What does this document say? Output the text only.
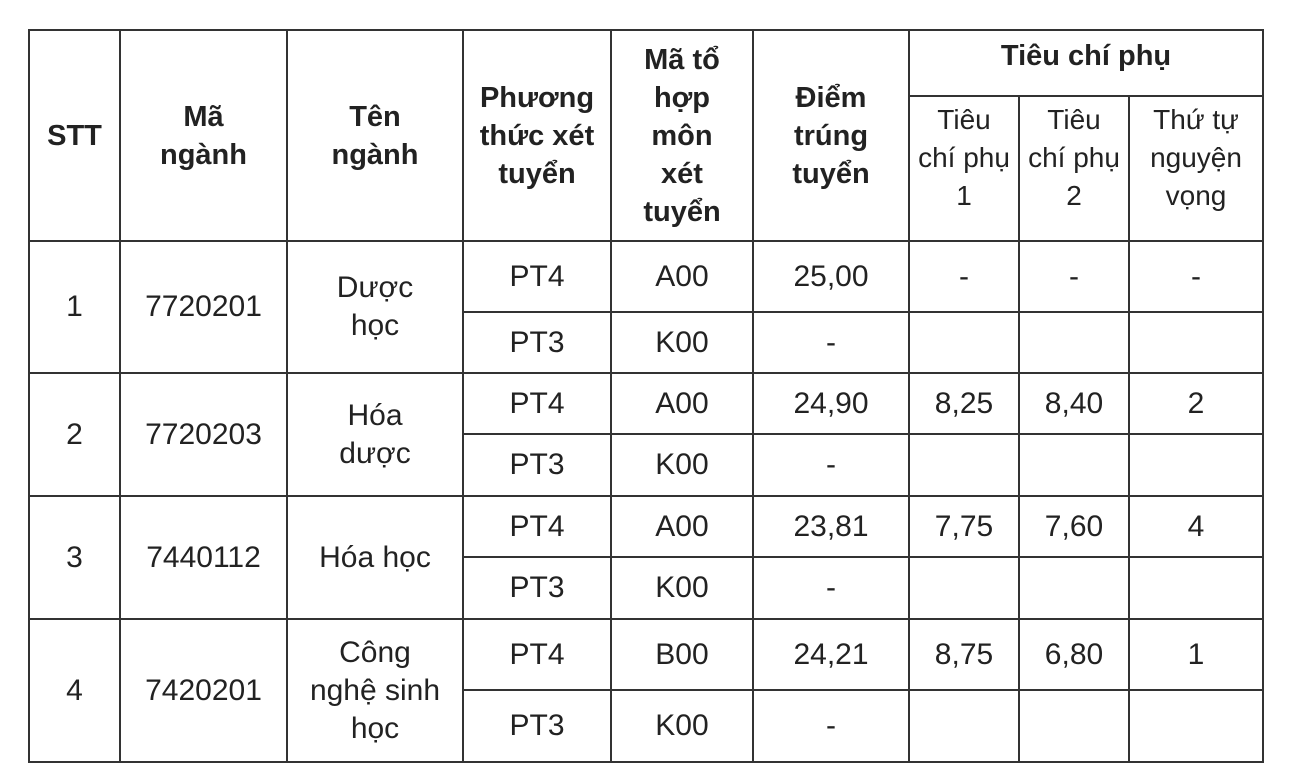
STT	Mã ngành	Tên ngành	Phương thức xét tuyển	Mã tổ hợp môn xét tuyển	Điểm trúng tuyển	Tiêu chí phụ		
						Tiêu chí phụ 1	Tiêu chí phụ 2	Thứ tự nguyện vọng
1	7720201	Dược học	PT4	A00	25,00	-	-	-
			PT3	K00	-			
2	7720203	Hóa dược	PT4	A00	24,90	8,25	8,40	2
			PT3	K00	-			
3	7440112	Hóa học	PT4	A00	23,81	7,75	7,60	4
			PT3	K00	-			
4	7420201	Công nghệ sinh học	PT4	B00	24,21	8,75	6,80	1
			PT3	K00	-			
